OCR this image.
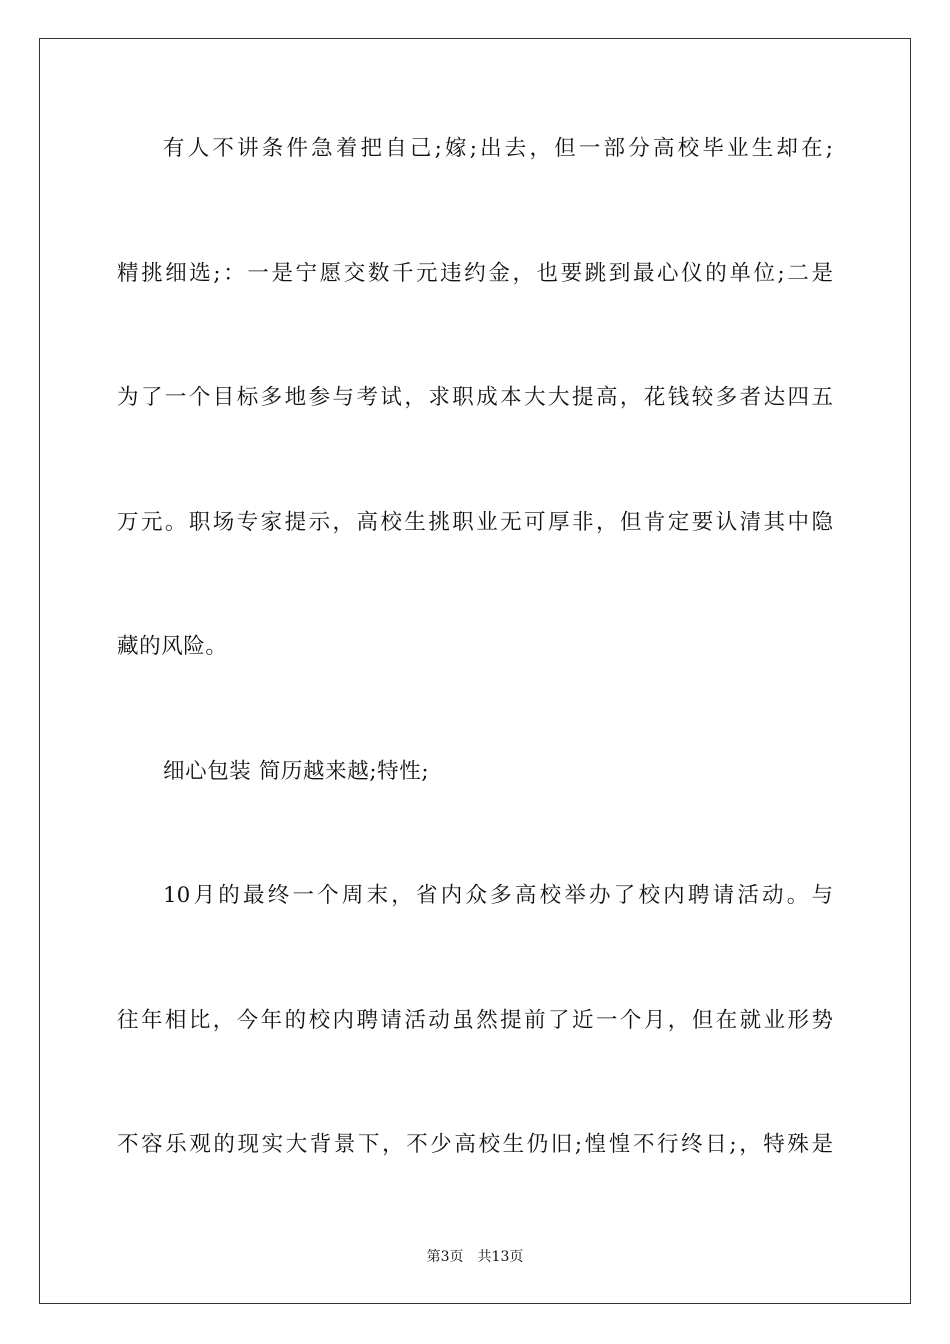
有人不讲条件急着把自己;嫁;出去，但一部分高校毕业生却在;
精挑细选;：一是宁愿交数千元违约金，也要跳到最心仪的单位;二是
为了一个目标多地参与考试，求职成本大大提高，花钱较多者达四五
万元。职场专家提示，高校生挑职业无可厚非，但肯定要认清其中隐
藏的风险。
细心包装 简历越来越;特性;
10月的最终一个周末，省内众多高校举办了校内聘请活动。与
往年相比，今年的校内聘请活动虽然提前了近一个月，但在就业形势
不容乐观的现实大背景下，不少高校生仍旧;惶惶不行终日;，特殊是
第3页 共13页
